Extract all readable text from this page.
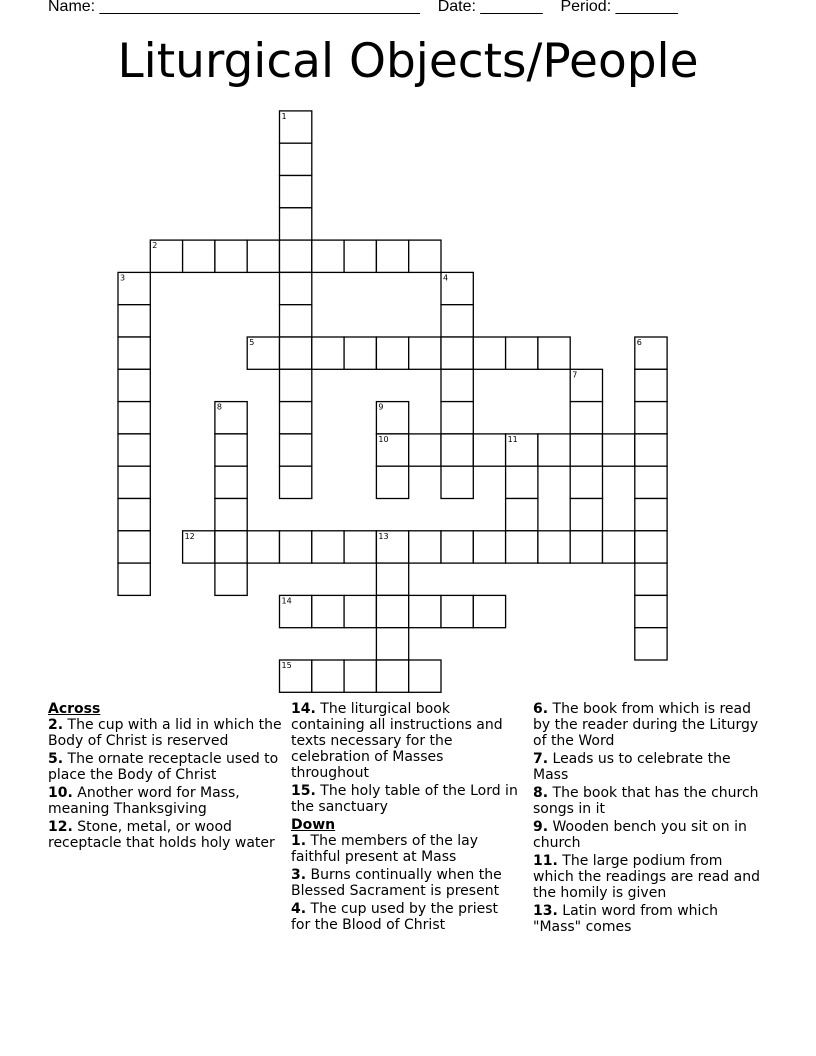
Name: ____________________________________    Date: _______    Period: _______
Liturgical Objects/People
1
2
3	4
5	6
7
8	9
10	11
12	13
14
15
Across
2. The cup with a lid in which the Body of Christ is reserved
5. The ornate receptacle used to place the Body of Christ
10. Another word for Mass, meaning Thanksgiving
12. Stone, metal, or wood receptacle that holds holy water
14. The liturgical book containing all instructions and texts necessary for the celebration of Masses throughout
15. The holy table of the Lord in the sanctuary
Down
1. The members of the lay faithful present at Mass
3. Burns continually when the Blessed Sacrament is present
4. The cup used by the priest for the Blood of Christ
6. The book from which is read by the reader during the Liturgy of the Word
7. Leads us to celebrate the Mass
8. The book that has the church songs in it
9. Wooden bench you sit on in church
11. The large podium from which the readings are read and the homily is given
13. Latin word from which "Mass" comes
